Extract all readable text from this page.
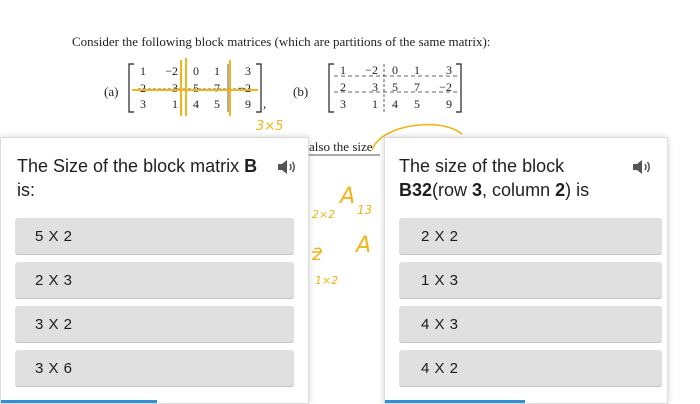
Consider the following block matrices (which are partitions of the same matrix):
(a)
1 −2 0 1 3
2 3 5 7 −2
3 1 4 5 9 ,
(b)
1 −2 0 1 3
2 3 5 7 −2
3 1 4 5 9
3×5
also the size
A
13
2×2
2 A
1×2
The Size of the block matrix B is:
5 X 2
2 X 3
3 X 2
3 X 6
The size of the block B32(row 3, column 2) is
2 X 2
1 X 3
4 X 3
4 X 2
